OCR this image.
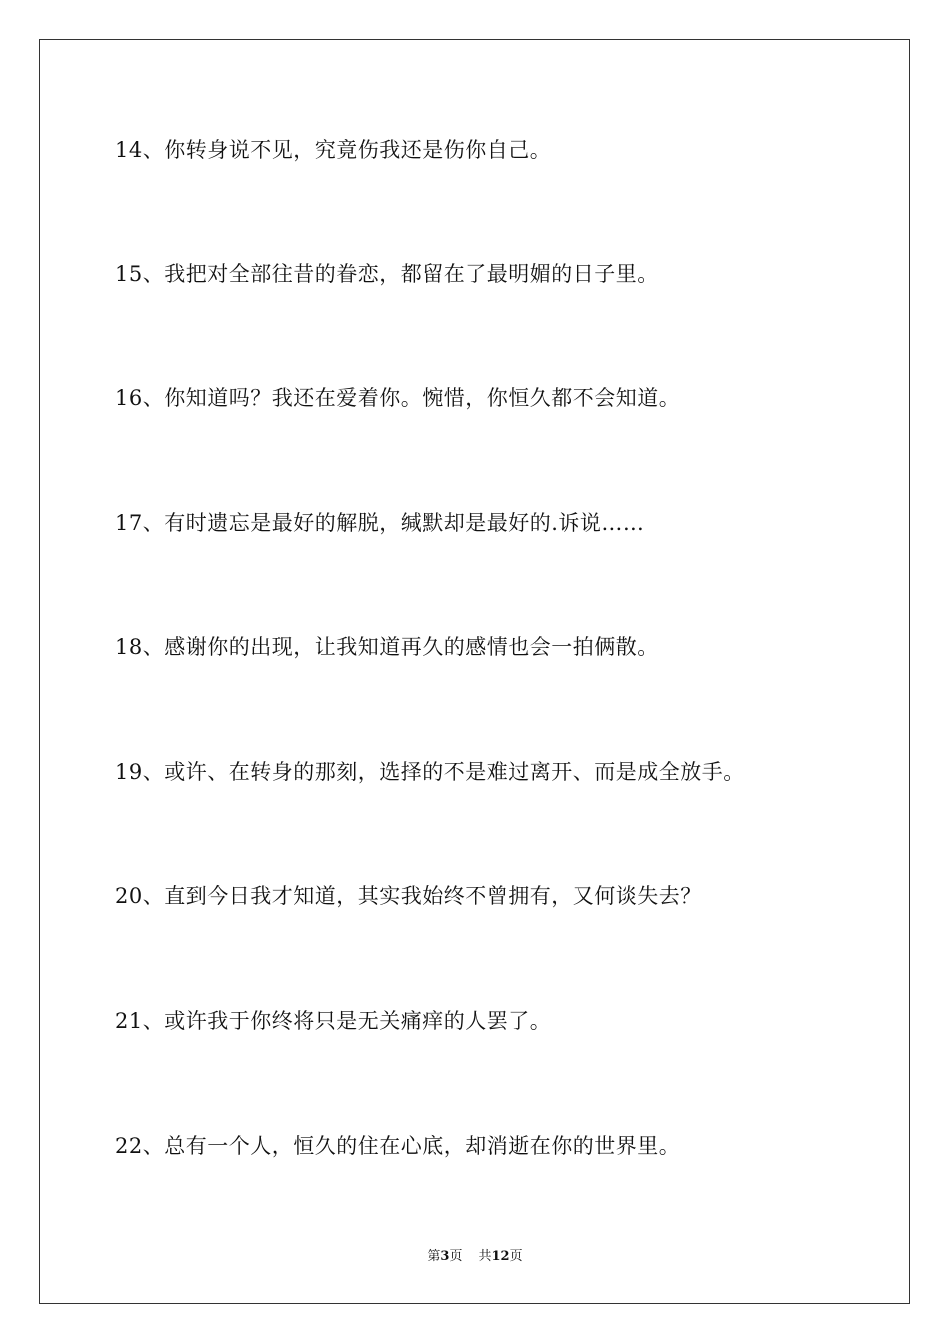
14、你转身说不见，究竟伤我还是伤你自己。
15、我把对全部往昔的眷恋，都留在了最明媚的日子里。
16、你知道吗？我还在爱着你。惋惜，你恒久都不会知道。
17、有时遗忘是最好的解脱，缄默却是最好的.诉说……
18、感谢你的出现，让我知道再久的感情也会一拍俩散。
19、或许、在转身的那刻，选择的不是难过离开、而是成全放手。
20、直到今日我才知道，其实我始终不曾拥有，又何谈失去？
21、或许我于你终将只是无关痛痒的人罢了。
22、总有一个人，恒久的住在心底，却消逝在你的世界里。
第3页 共12页
